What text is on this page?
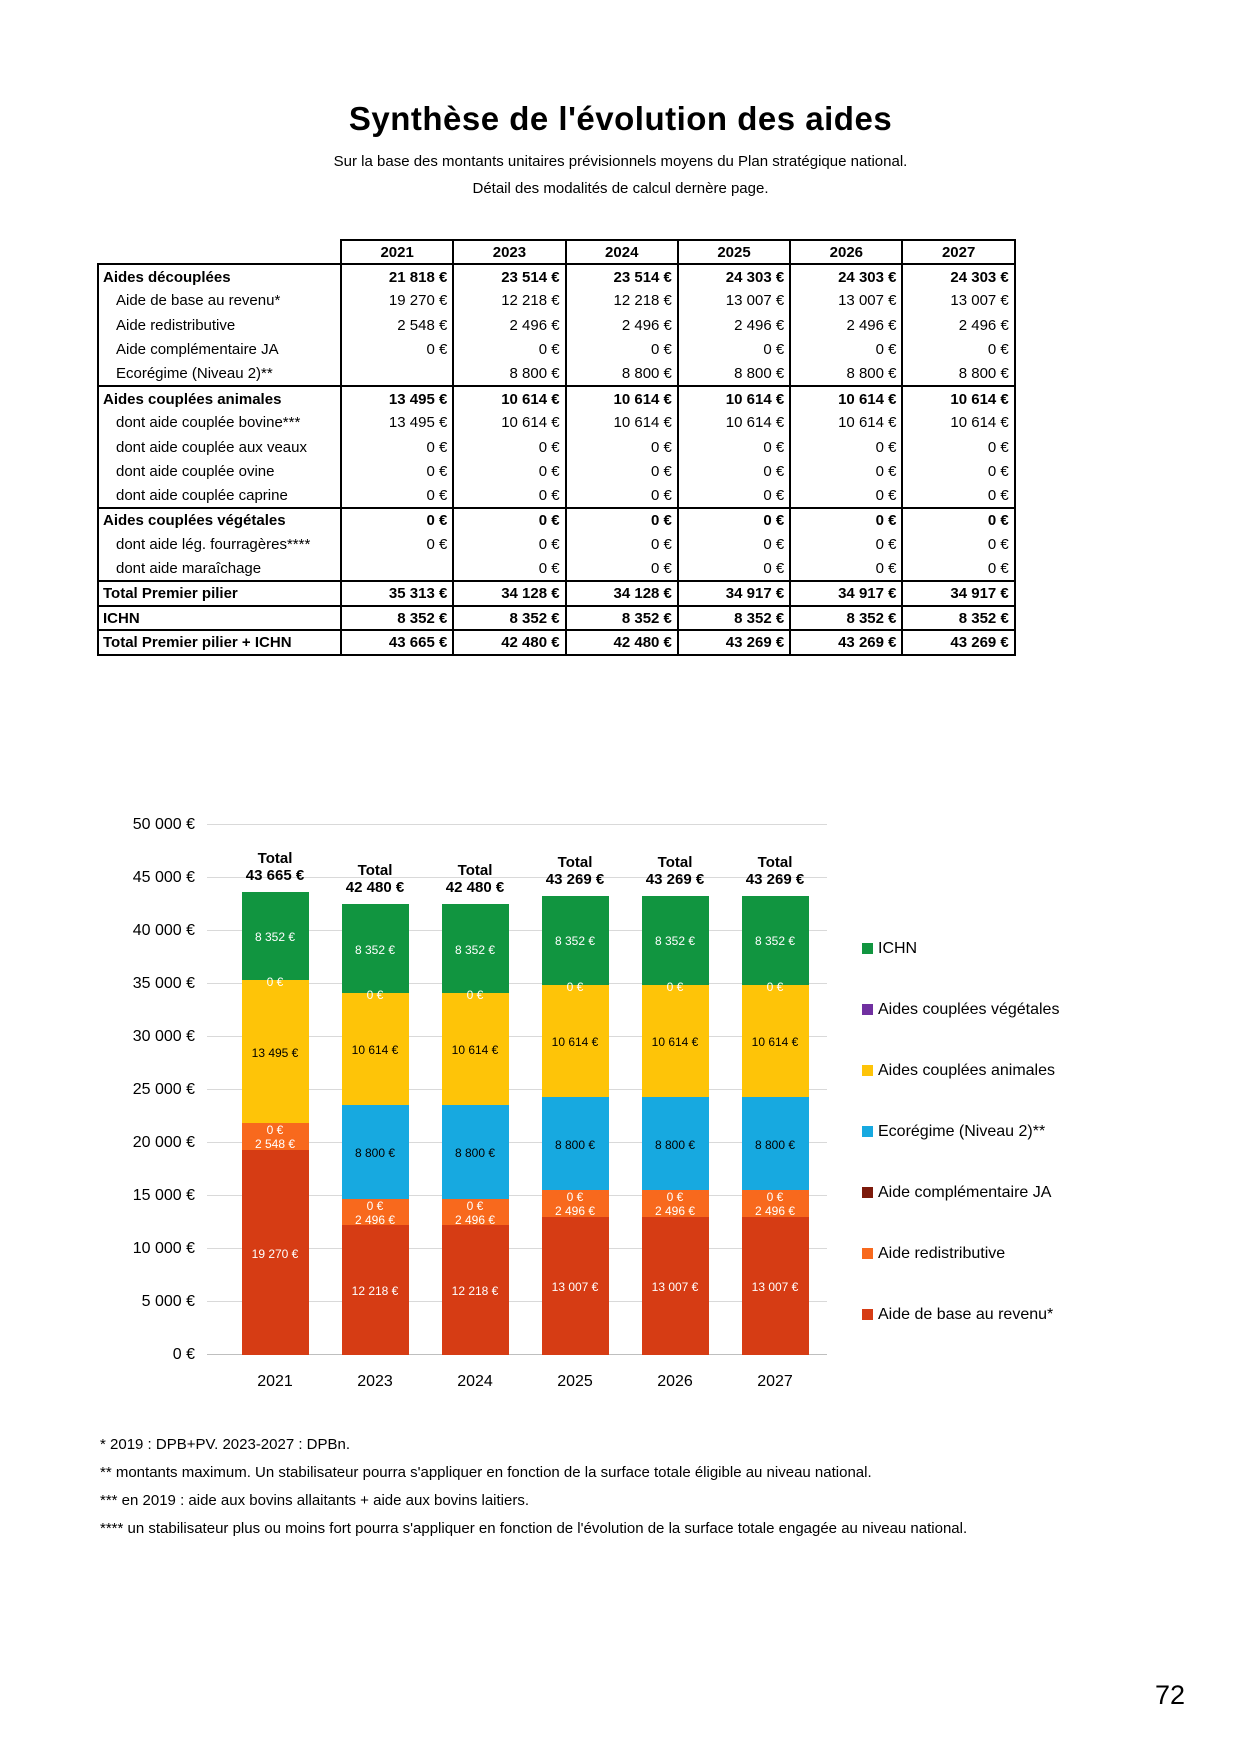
Synthèse de l'évolution des aides
Sur la base des montants unitaires prévisionnels moyens du Plan stratégique national.
Détail des modalités de calcul dernère page.
	2021	2023	2024	2025	2026	2027
Aides découplées	21 818 €	23 514 €	23 514 €	24 303 €	24 303 €	24 303 €
Aide de base au revenu*	19 270 €	12 218 €	12 218 €	13 007 €	13 007 €	13 007 €
Aide redistributive	2 548 €	2 496 €	2 496 €	2 496 €	2 496 €	2 496 €
Aide complémentaire JA	0 €	0 €	0 €	0 €	0 €	0 €
Ecorégime (Niveau 2)**		8 800 €	8 800 €	8 800 €	8 800 €	8 800 €
Aides couplées animales	13 495 €	10 614 €	10 614 €	10 614 €	10 614 €	10 614 €
dont aide couplée bovine***	13 495 €	10 614 €	10 614 €	10 614 €	10 614 €	10 614 €
dont aide couplée aux veaux	0 €	0 €	0 €	0 €	0 €	0 €
dont aide couplée ovine	0 €	0 €	0 €	0 €	0 €	0 €
dont aide couplée caprine	0 €	0 €	0 €	0 €	0 €	0 €
Aides couplées végétales	0 €	0 €	0 €	0 €	0 €	0 €
dont aide lég. fourragères****	0 €	0 €	0 €	0 €	0 €	0 €
dont aide maraîchage		0 €	0 €	0 €	0 €	0 €
Total Premier pilier	35 313 €	34 128 €	34 128 €	34 917 €	34 917 €	34 917 €
ICHN	8 352 €	8 352 €	8 352 €	8 352 €	8 352 €	8 352 €
Total Premier pilier + ICHN	43 665 €	42 480 €	42 480 €	43 269 €	43 269 €	43 269 €
0 €
5 000 €
10 000 €
15 000 €
20 000 €
25 000 €
30 000 €
35 000 €
40 000 €
45 000 €
50 000 €
19 270 €
2 548 €
0 €
13 495 €
0 €
8 352 €
Total
43 665 €
2021
12 218 €
2 496 €
0 €
8 800 €
10 614 €
0 €
8 352 €
Total
42 480 €
2023
12 218 €
2 496 €
0 €
8 800 €
10 614 €
0 €
8 352 €
Total
42 480 €
2024
13 007 €
2 496 €
0 €
8 800 €
10 614 €
0 €
8 352 €
Total
43 269 €
2025
13 007 €
2 496 €
0 €
8 800 €
10 614 €
0 €
8 352 €
Total
43 269 €
2026
13 007 €
2 496 €
0 €
8 800 €
10 614 €
0 €
8 352 €
Total
43 269 €
2027
ICHN
Aides couplées végétales
Aides couplées animales
Ecorégime (Niveau 2)**
Aide complémentaire JA
Aide redistributive
Aide de base au revenu*
* 2019 : DPB+PV. 2023-2027 : DPBn.
** montants maximum. Un stabilisateur pourra s'appliquer en fonction de la surface totale éligible au niveau national.
*** en 2019 : aide aux bovins allaitants + aide aux bovins laitiers.
**** un stabilisateur plus ou moins fort pourra s'appliquer en fonction de l'évolution de la surface totale engagée au niveau national.
72
